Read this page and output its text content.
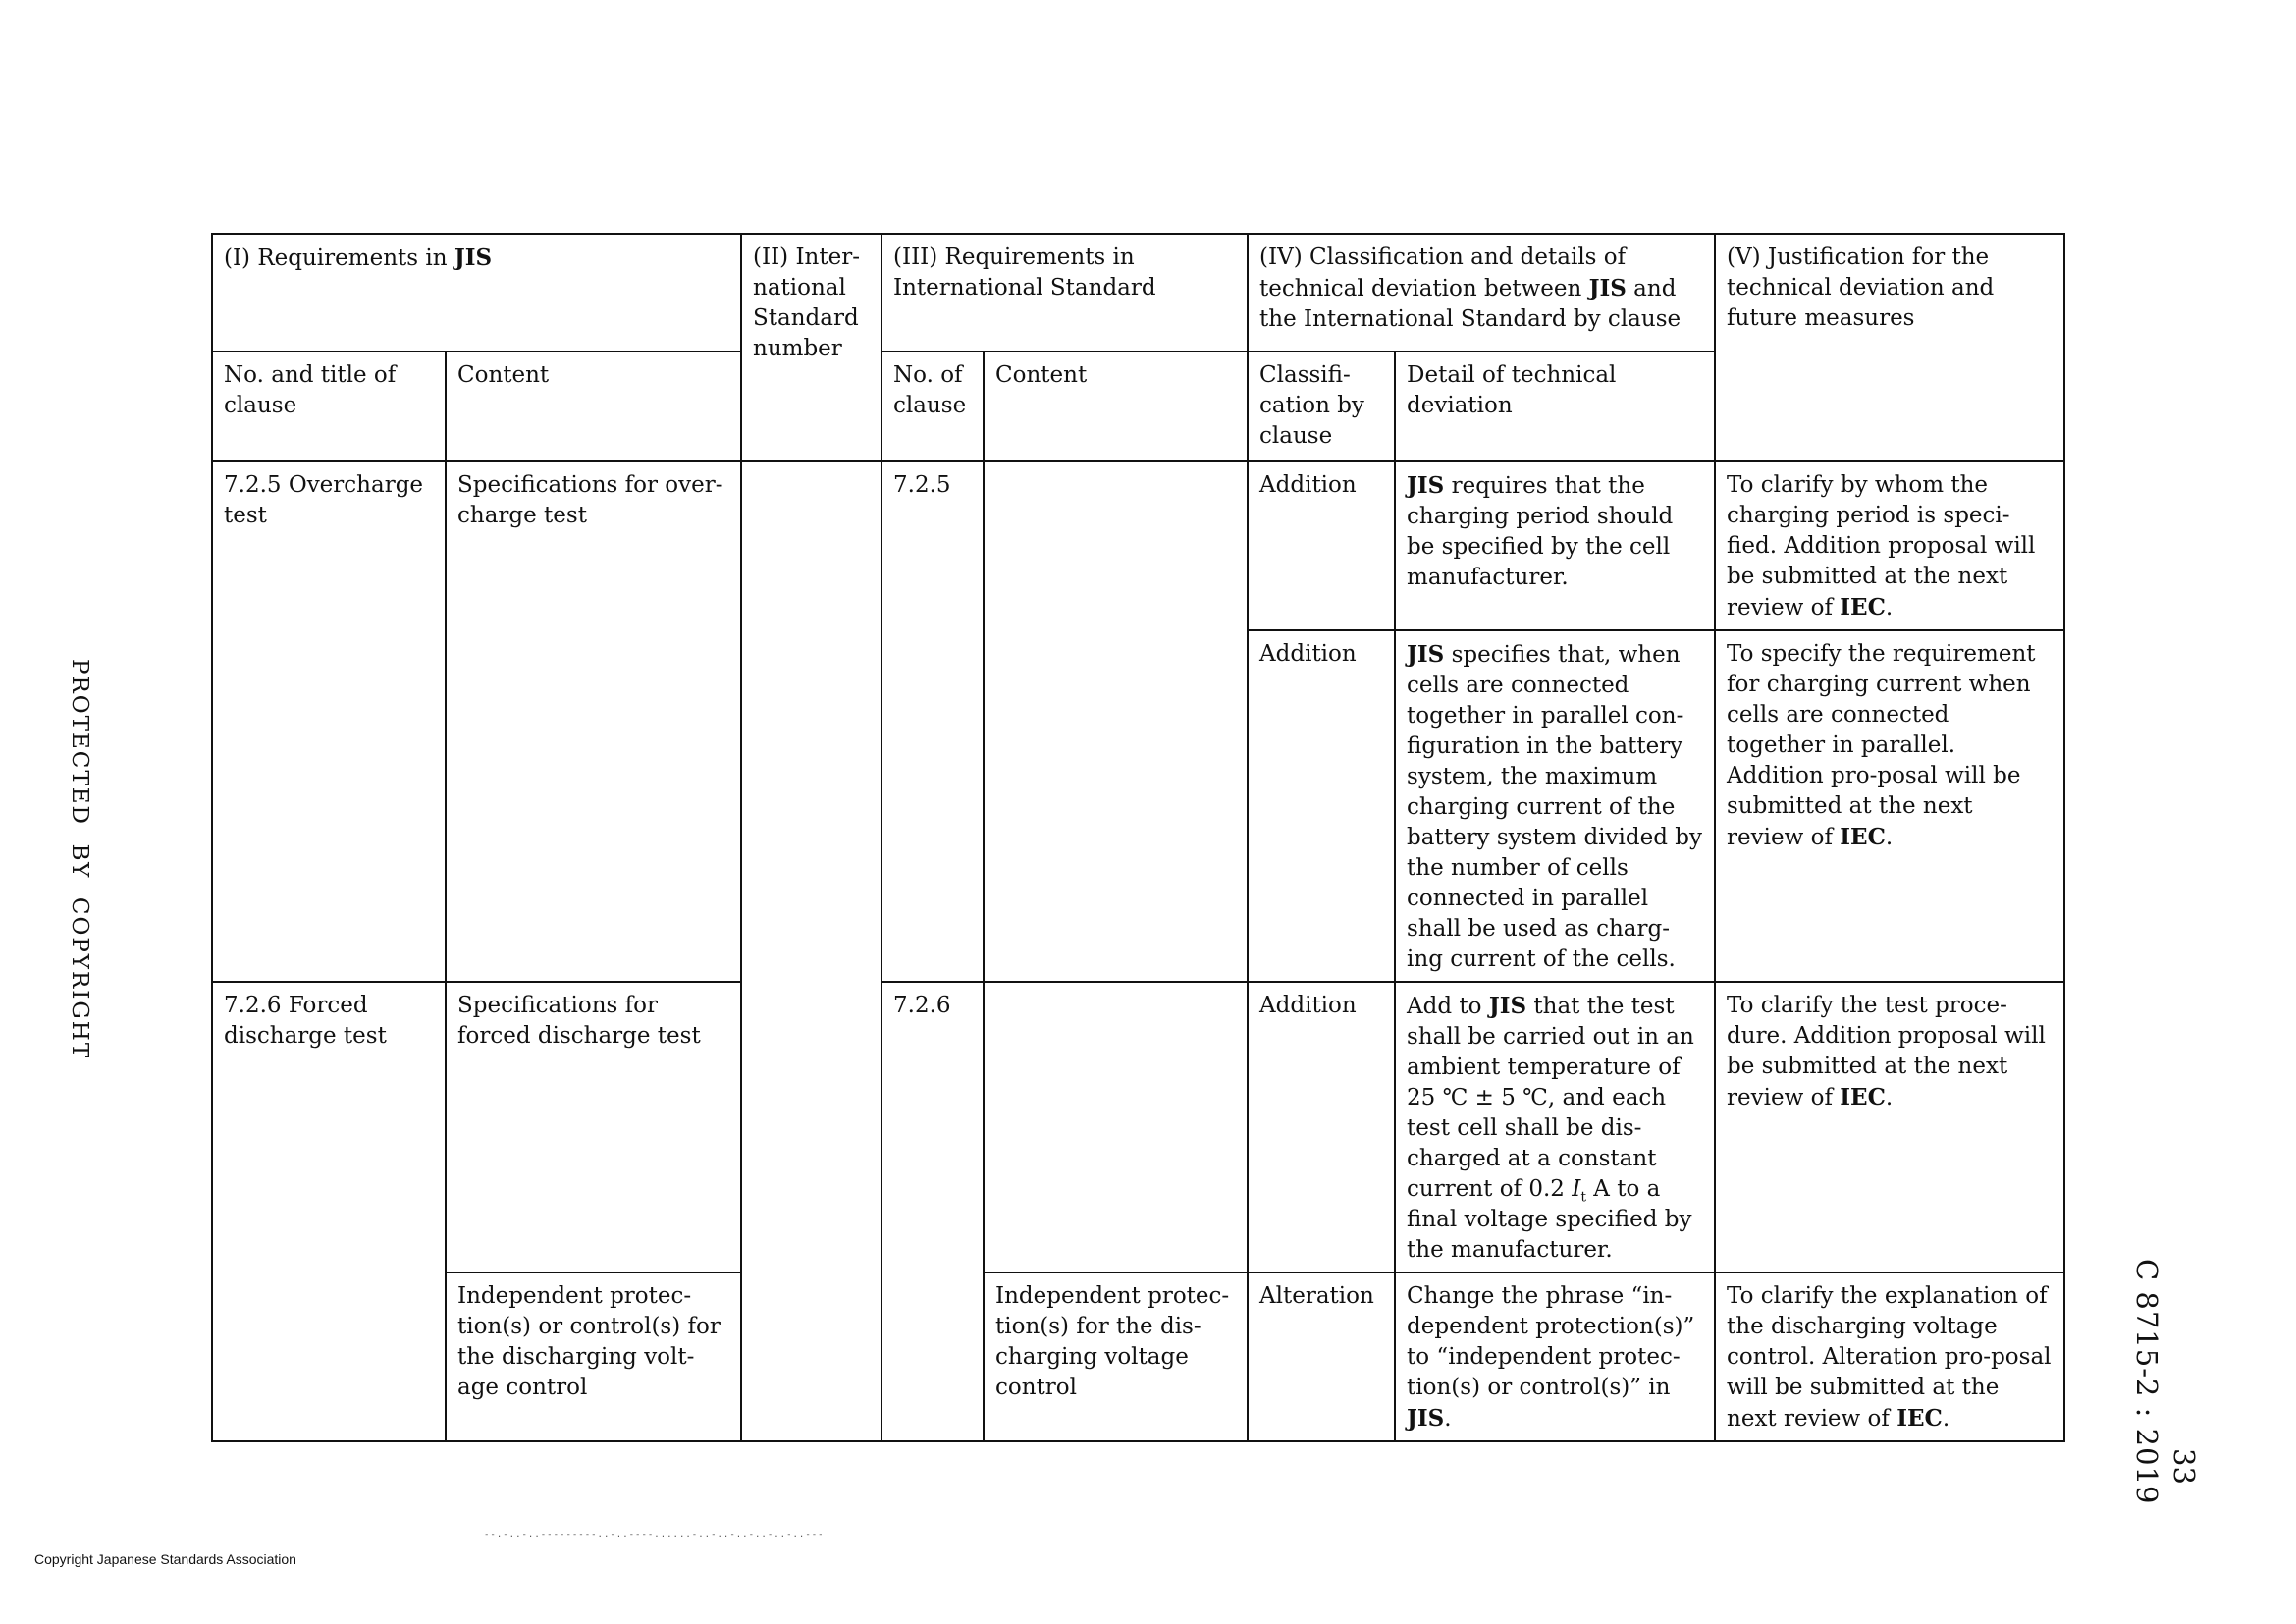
(I) Requirements in JIS		(II) Inter-national Standard number	(III) Requirements in International Standard		(IV) Classification and details of technical deviation between JIS and the International Standard by clause		(V) Justification for the technical deviation and future measures
No. and title of clause	Content		No. of clause	Content	Classifi-cation by clause	Detail of technical deviation	
7.2.5 Overcharge test	Specifications for over-charge test		7.2.5		Addition	JIS requires that the charging period should be specified by the cell manufacturer.	To clarify by whom the charging period is speci-fied. Addition proposal will be submitted at the next review of IEC.
					Addition	JIS specifies that, when cells are connected together in parallel con-figuration in the battery system, the maximum charging current of the battery system divided by the number of cells connected in parallel shall be used as charg-ing current of the cells.	To specify the requirement for charging current when cells are connected together in parallel. Addition pro-posal will be submitted at the next review of IEC.
7.2.6 Forced discharge test	Specifications for forced discharge test		7.2.6		Addition	Add to JIS that the test shall be carried out in an ambient temperature of 25 ℃ ± 5 ℃, and each test cell shall be dis-charged at a constant current of 0.2 $I_t$ A to a final voltage specified by the manufacturer.	To clarify the test proce-dure. Addition proposal will be submitted at the next review of IEC.
	Independent protec-tion(s) or control(s) for the discharging volt-age control			Independent protec-tion(s) for the dis-charging voltage control	Alteration	Change the phrase “in-dependent protection(s)” to “independent protec-tion(s) or control(s)” in JIS.	To clarify the explanation of the discharging voltage control. Alteration pro-posal will be submitted at the next review of IEC.
PROTECTED  BY  COPYRIGHT
C 8715-2 : 2019 33
--.-..-..---------..-..----......-..-..-..-..-..-..---
Copyright Japanese Standards Association
